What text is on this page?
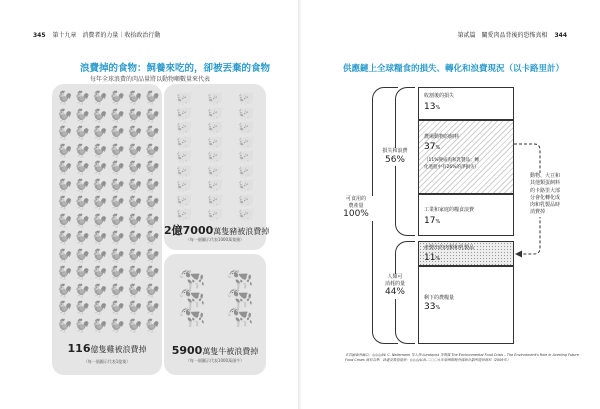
345 第十九章 消費者的力量｜收拾政治行動
浪費掉的食物：飼養來吃的，卻被丟棄的食物
每年全球浪費的肉品量將以動物噸數量來代表
🐓 🐓 🐓 🐓 🐓 🐓
🐓 🐓 🐓 🐓 🐓 🐓
🐓 🐓 🐓 🐓 🐓 🐓
🐓 🐓 🐓 🐓 🐓 🐓
🐓 🐓 🐓 🐓 🐓 🐓
🐓 🐓 🐓 🐓 🐓 🐓
🐓 🐓 🐓 🐓 🐓 🐓
🐓 🐓 🐓 🐓 🐓 🐓
🐓 🐓 🐓 🐓 🐓 🐓
🐓 🐓 🐓 🐓 🐓 🐓
🐓 🐓 🐓 🐓 🐓 🐓
🐓 🐓 🐓 🐓 🐓 🐓
🐓 🐓 🐓 🐓 🐓 🐓
🐓 🐓 🐓 🐓 🐓 🐓
116億隻雞被浪費掉
（每一個圖示代表1億隻）
🐖 🐖 🐖
🐖 🐖 🐖
🐖 🐖 🐖
🐖 🐖 🐖
🐖 🐖 🐖
🐖 🐖 🐖
🐖 🐖 🐖
🐖 🐖 🐖
🐖 🐖 🐖
2億7000萬隻豬被浪費掉
（每一個圖示代表1000萬隻豬）
🐄 🐄
🐄 🐄
🐄 🐄
5900萬隻牛被浪費掉
（每一個圖示代表1000萬頭牛）
第貳篇 關愛肉品背後的恐怖真相 344
供應鏈上全球糧食的損失、轉化和浪費現況（以卡路里計）
可食用的
農產量
100%
損失和浪費
56%
人類可
消耗的量
44%
收割後的損失
13%
農場動物的飼料
37%
（11%變成肉和乳製品；轉
化過程中有26%的淨損失）
工業和家庭的糧食浪費
17%
產製出的肉類和乳製品
11%
剩下的農糧量
33%
動物、大豆和
其他類蛋飼料
的卡路里大部
分會化轉化成
肉和乳製品時
消費掉
本頁圖表改編自：◎◎◎/W. C. Nellemann 等人與 Lundqvist 等數據 The Environmental Food Crisis – The Environment's Role in Averting Future Food Crises 資料為準，該處及數值提供：◎◎◎/U.N.二〇〇九年版國際糧食援助計劃所提供資料（2009年）
